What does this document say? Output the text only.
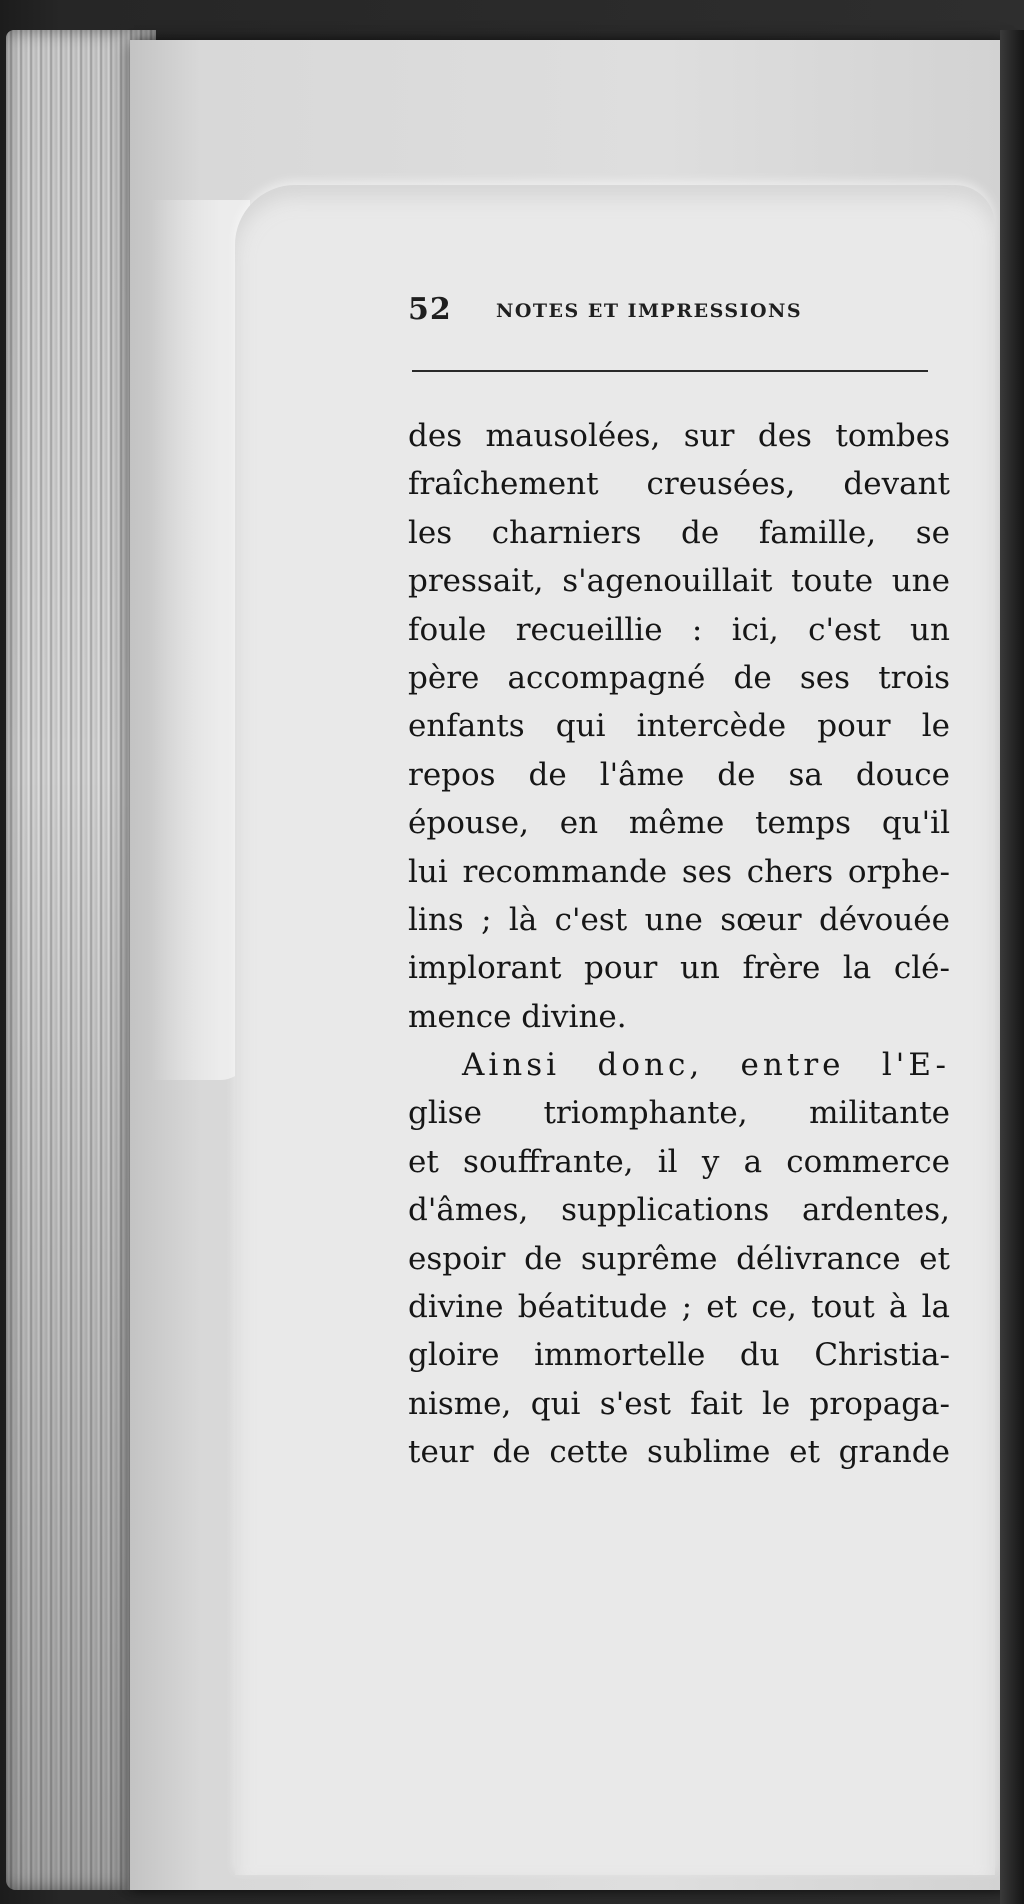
52 NOTES ET IMPRESSIONS
des mausolées, sur des tombes
fraîchement creusées, devant
les charniers de famille, se
pressait, s'agenouillait toute une
foule recueillie : ici, c'est un
père accompagné de ses trois
enfants qui intercède pour le
repos de l'âme de sa douce
épouse, en même temps qu'il
lui recommande ses chers orphe-
lins ; là c'est une sœur dévouée
implorant pour un frère la clé-
mence divine.
Ainsi donc, entre l'E-
glise triomphante, militante
et souffrante, il y a commerce
d'âmes, supplications ardentes,
espoir de suprême délivrance et
divine béatitude ; et ce, tout à la
gloire immortelle du Christia-
nisme, qui s'est fait le propaga-
teur de cette sublime et grande
